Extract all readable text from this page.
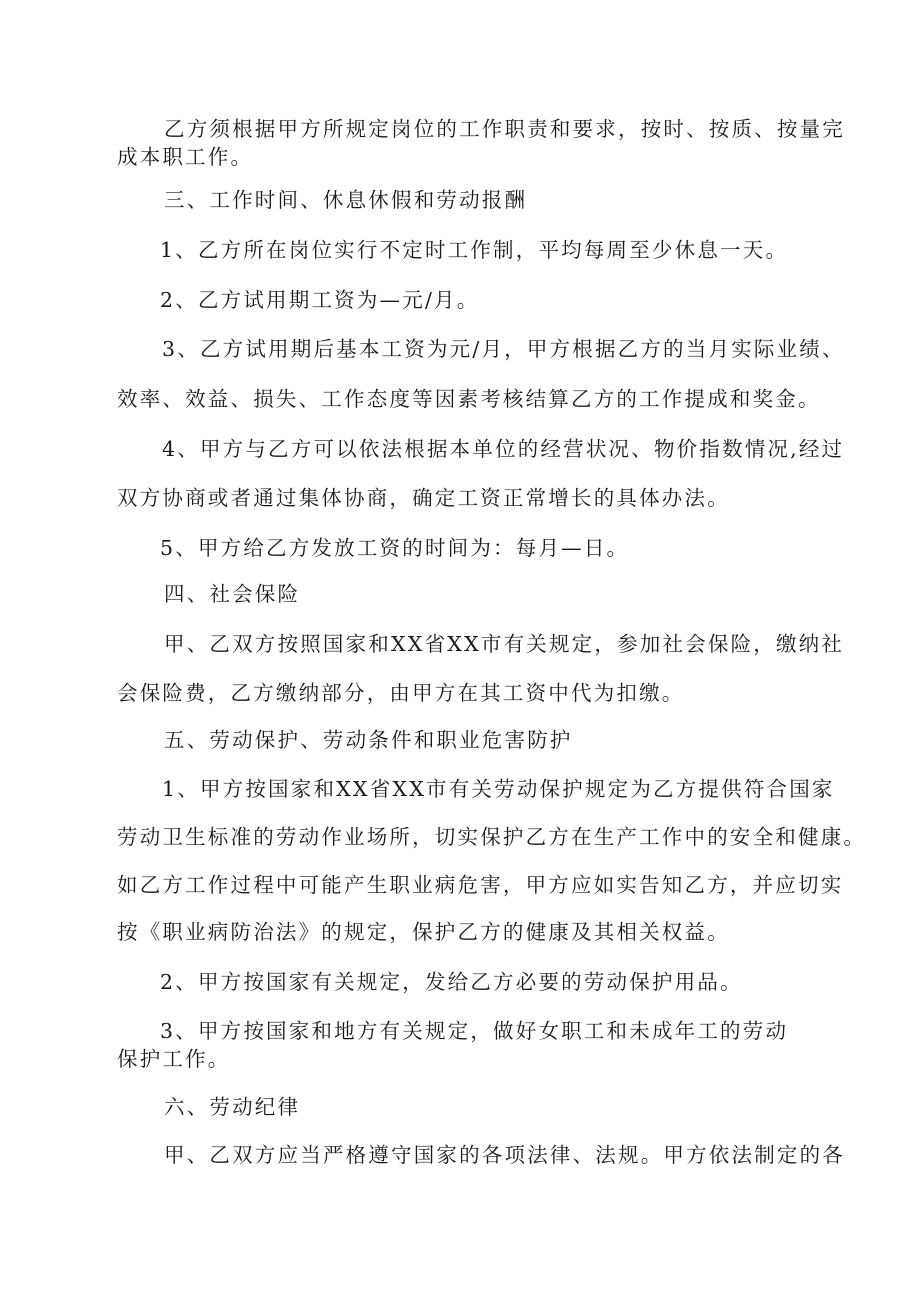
乙方须根据甲方所规定岗位的工作职责和要求，按时、按质、按量完
成本职工作。
三、工作时间、休息休假和劳动报酬
1、乙方所在岗位实行不定时工作制，平均每周至少休息一天。
2、乙方试用期工资为—元/月。
3、乙方试用期后基本工资为元/月，甲方根据乙方的当月实际业绩、
效率、效益、损失、工作态度等因素考核结算乙方的工作提成和奖金。
4、甲方与乙方可以依法根据本单位的经营状况、物价指数情况,经过
双方协商或者通过集体协商，确定工资正常增长的具体办法。
5、甲方给乙方发放工资的时间为：每月—日。
四、社会保险
甲、乙双方按照国家和XX省XX市有关规定，参加社会保险，缴纳社
会保险费，乙方缴纳部分，由甲方在其工资中代为扣缴。
五、劳动保护、劳动条件和职业危害防护
1、甲方按国家和XX省XX市有关劳动保护规定为乙方提供符合国家
劳动卫生标准的劳动作业场所，切实保护乙方在生产工作中的安全和健康。
如乙方工作过程中可能产生职业病危害，甲方应如实告知乙方，并应切实
按《职业病防治法》的规定，保护乙方的健康及其相关权益。
2、甲方按国家有关规定，发给乙方必要的劳动保护用品。
3、甲方按国家和地方有关规定，做好女职工和未成年工的劳动
保护工作。
六、劳动纪律
甲、乙双方应当严格遵守国家的各项法律、法规。甲方依法制定的各
